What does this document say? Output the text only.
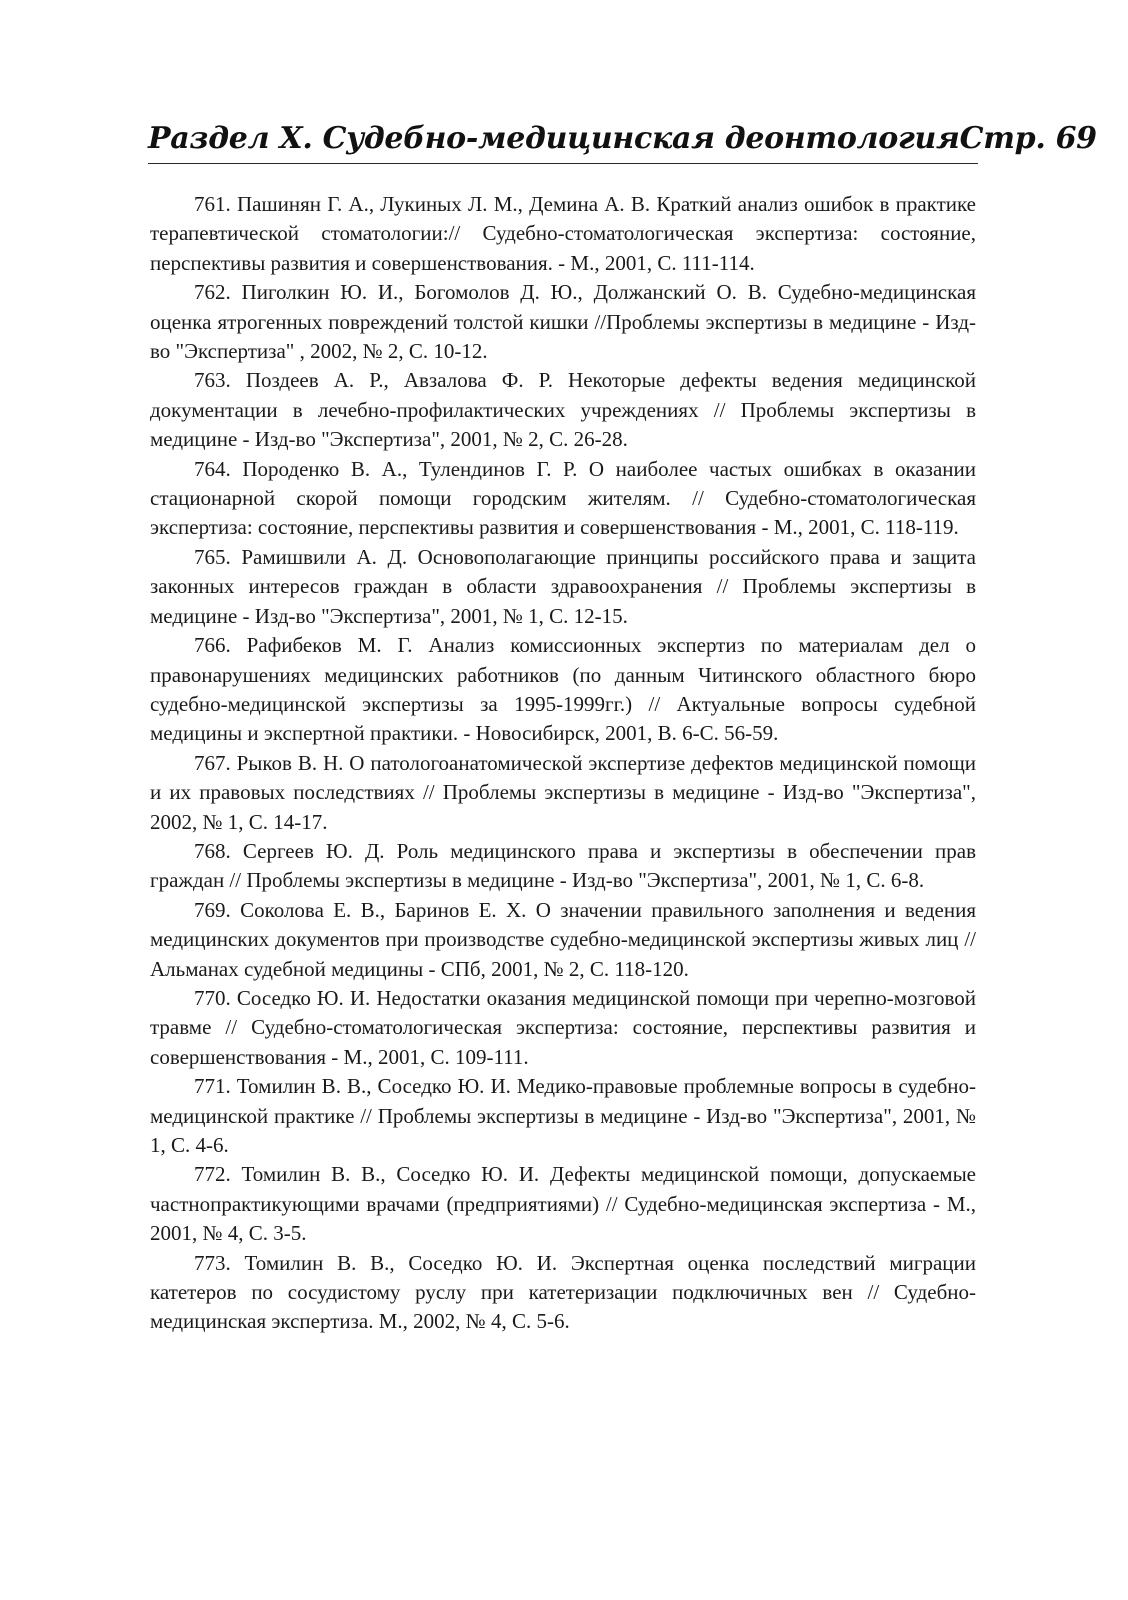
Раздел X. Судебно-медицинская деонтология Стр. 69

761. Пашинян Г. А., Лукиных Л. М., Демина А. В. Краткий анализ ошибок в практике терапевтической стоматологии:// Судебно-стоматологическая экспертиза: состояние, перспективы развития и совершенствования. - М., 2001, С. 111-114.

762. Пиголкин Ю. И., Богомолов Д. Ю., Должанский О. В. Судебно-медицинская оценка ятрогенных повреждений толстой кишки //Проблемы экспертизы в медицине - Изд-во "Экспертиза" , 2002, № 2, С. 10-12.

763. Поздеев А. Р., Авзалова Ф. Р. Некоторые дефекты ведения медицинской документации в лечебно-профилактических учреждениях // Проблемы экспертизы в медицине - Изд-во "Экспертиза", 2001, № 2, С. 26-28.

764. Породенко В. А., Тулендинов Г. Р. О наиболее частых ошибках в оказании стационарной скорой помощи городским жителям. // Судебно-стоматологическая экспертиза: состояние, перспективы развития и совершенствования - М., 2001, С. 118-119.

765. Рамишвили А. Д. Основополагающие принципы российского права и защита законных интересов граждан в области здравоохранения // Проблемы экспертизы в медицине - Изд-во "Экспертиза", 2001, № 1, С. 12-15.

766. Рафибеков М. Г. Анализ комиссионных экспертиз по материалам дел о правонарушениях медицинских работников (по данным Читинского областного бюро судебно-медицинской экспертизы за 1995-1999гг.) // Актуальные вопросы судебной медицины и экспертной практики. - Новосибирск, 2001, В. 6-С. 56-59.

767. Рыков В. Н. О патологоанатомической экспертизе дефектов медицинской помощи и их правовых последствиях // Проблемы экспертизы в медицине - Изд-во "Экспертиза", 2002, № 1, С. 14-17.

768. Сергеев Ю. Д. Роль медицинского права и экспертизы в обеспечении прав граждан // Проблемы экспертизы в медицине - Изд-во "Экспертиза", 2001, № 1, С. 6-8.

769. Соколова Е. В., Баринов Е. Х. О значении правильного заполнения и ведения медицинских документов при производстве судебно-медицинской экспертизы живых лиц // Альманах судебной медицины - СПб, 2001, № 2, С. 118-120.

770. Соседко Ю. И. Недостатки оказания медицинской помощи при черепно-мозговой травме // Судебно-стоматологическая экспертиза: состояние, перспективы развития и совершенствования - М., 2001, С. 109-111.

771. Томилин В. В., Соседко Ю. И. Медико-правовые проблемные вопросы в судебно-медицинской практике // Проблемы экспертизы в медицине - Изд-во "Экспертиза", 2001, № 1, С. 4-6.

772. Томилин В. В., Соседко Ю. И. Дефекты медицинской помощи, допускаемые частнопрактикующими врачами (предприятиями) // Судебно-медицинская экспертиза - М., 2001, № 4, С. 3-5.

773. Томилин В. В., Соседко Ю. И. Экспертная оценка последствий миграции катетеров по сосудистому руслу при катетеризации подключичных вен // Судебно-медицинская экспертиза. М., 2002, № 4, С. 5-6.
